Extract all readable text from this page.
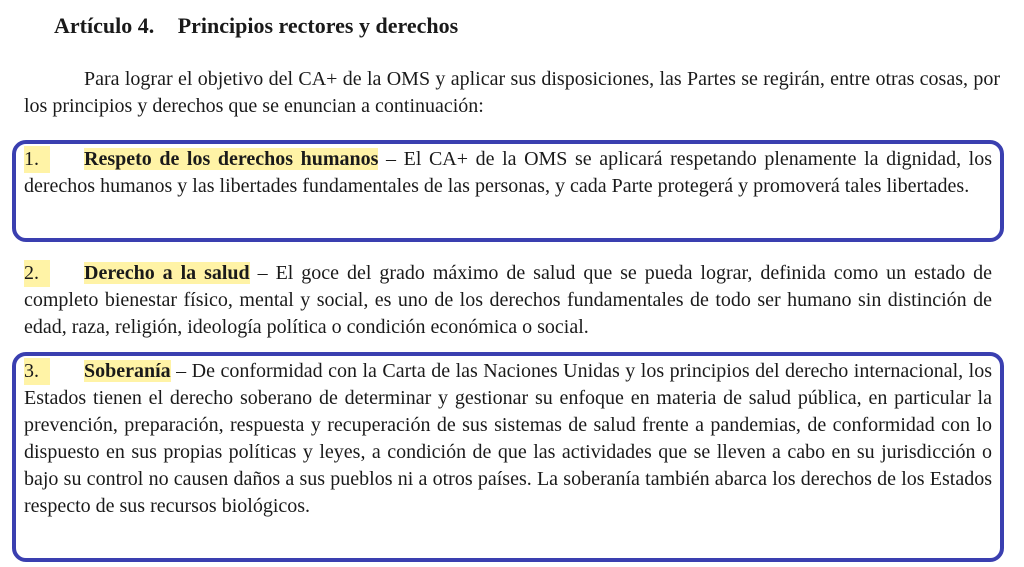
Artículo 4. Principios rectores y derechos

Para lograr el objetivo del CA+ de la OMS y aplicar sus disposiciones, las Partes se regirán, entre otras cosas, por los principios y derechos que se enuncian a continuación:

1. Respeto de los derechos humanos – El CA+ de la OMS se aplicará respetando plenamente la dignidad, los derechos humanos y las libertades fundamentales de las personas, y cada Parte protegerá y promoverá tales libertades.
2. Derecho a la salud – El goce del grado máximo de salud que se pueda lograr, definida como un estado de completo bienestar físico, mental y social, es uno de los derechos fundamentales de todo ser humano sin distinción de edad, raza, religión, ideología política o condición económica o social.
3. Soberanía – De conformidad con la Carta de las Naciones Unidas y los principios del derecho internacional, los Estados tienen el derecho soberano de determinar y gestionar su enfoque en materia de salud pública, en particular la prevención, preparación, respuesta y recuperación de sus sistemas de salud frente a pandemias, de conformidad con lo dispuesto en sus propias políticas y leyes, a condición de que las actividades que se lleven a cabo en su jurisdicción o bajo su control no causen daños a sus pueblos ni a otros países. La soberanía también abarca los derechos de los Estados respecto de sus recursos biológicos.
